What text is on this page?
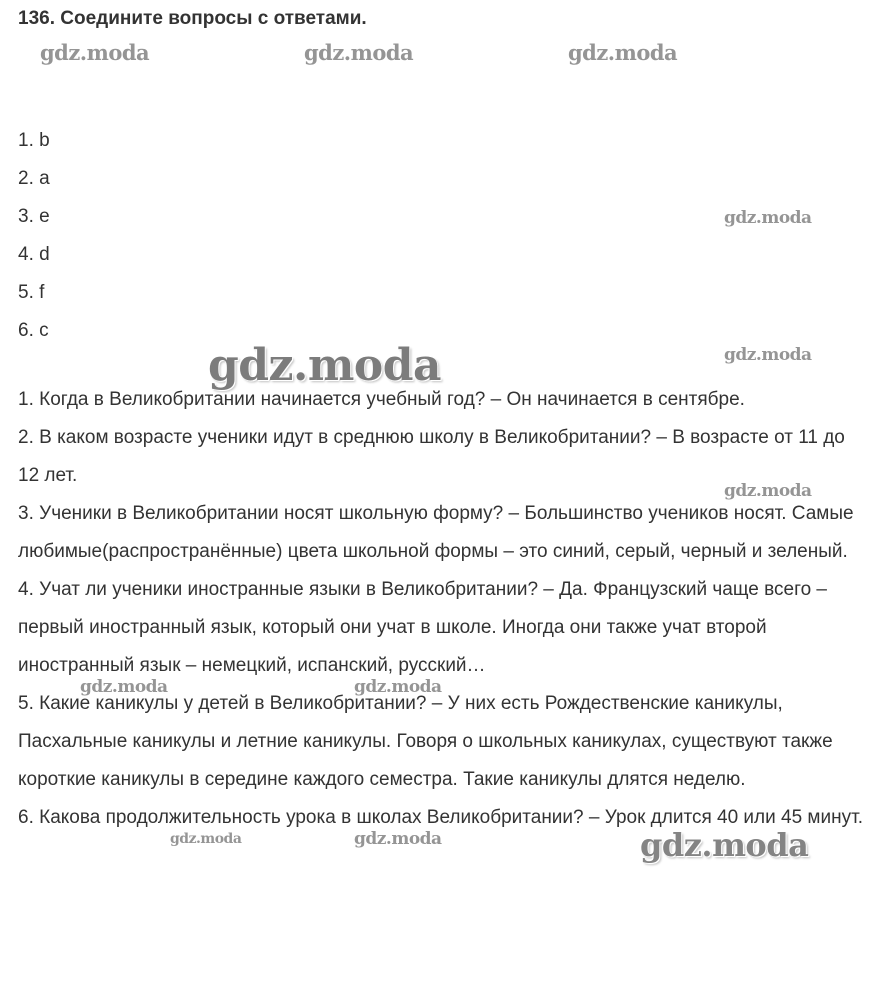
136. Соедините вопросы с ответами.
1. b
2. a
3. e
4. d
5. f
6. c

1. Когда в Великобритании начинается учебный год? – Он начинается в сентябре.

2. В каком возрасте ученики идут в среднюю школу в Великобритании? – В возрасте от 11 до 12 лет.

3. Ученики в Великобритании носят школьную форму? – Большинство учеников носят. Самые любимые(распространённые) цвета школьной формы – это синий, серый, черный и зеленый.

4. Учат ли ученики иностранные языки в Великобритании? – Да. Французский чаще всего – первый иностранный язык, который они учат в школе. Иногда они также учат второй иностранный язык – немецкий, испанский, русский…

5. Какие каникулы у детей в Великобритании? – У них есть Рождественские каникулы, Пасхальные каникулы и летние каникулы. Говоря о школьных каникулах, существуют также короткие каникулы в середине каждого семестра. Такие каникулы длятся неделю.

6. Какова продолжительность урока в школах Великобритании? – Урок длится 40 или 45 минут.

gdz.moda	gdz.moda	gdz.moda
gdz.moda
gdz.moda	gdz.moda
gdz.moda
gdz.moda	gdz.moda
gdz.moda	gdz.moda	gdz.moda
